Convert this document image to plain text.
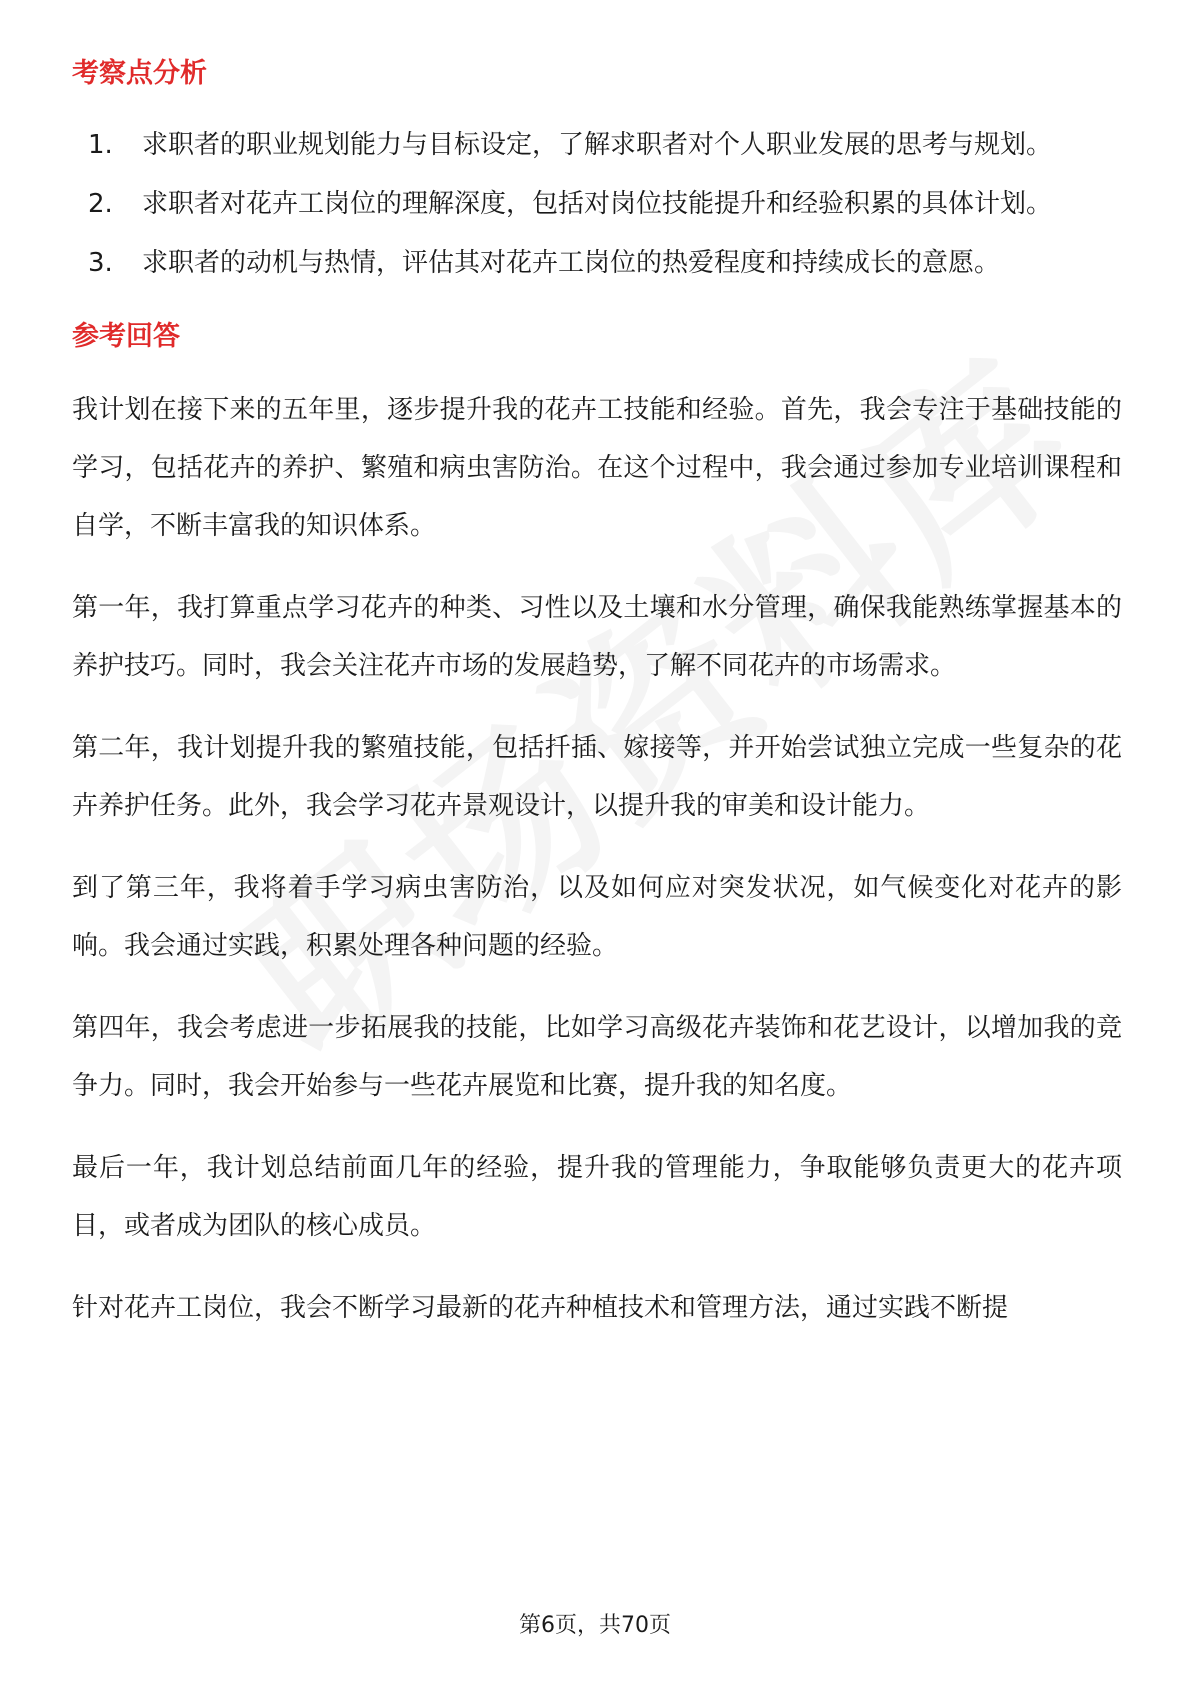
考察点分析
1.	求职者的职业规划能力与目标设定，了解求职者对个人职业发展的思考与规划。
2.	求职者对花卉工岗位的理解深度，包括对岗位技能提升和经验积累的具体计划。
3.	求职者的动机与热情，评估其对花卉工岗位的热爱程度和持续成长的意愿。
参考回答

我计划在接下来的五年里，逐步提升我的花卉工技能和经验。首先，我会专注于基础技能的学习，包括花卉的养护、繁殖和病虫害防治。在这个过程中，我会通过参加专业培训课程和自学，不断丰富我的知识体系。

第一年，我打算重点学习花卉的种类、习性以及土壤和水分管理，确保我能熟练掌握基本的养护技巧。同时，我会关注花卉市场的发展趋势，了解不同花卉的市场需求。

第二年，我计划提升我的繁殖技能，包括扦插、嫁接等，并开始尝试独立完成一些复杂的花卉养护任务。此外，我会学习花卉景观设计，以提升我的审美和设计能力。

到了第三年，我将着手学习病虫害防治，以及如何应对突发状况，如气候变化对花卉的影响。我会通过实践，积累处理各种问题的经验。

第四年，我会考虑进一步拓展我的技能，比如学习高级花卉装饰和花艺设计，以增加我的竞争力。同时，我会开始参与一些花卉展览和比赛，提升我的知名度。

最后一年，我计划总结前面几年的经验，提升我的管理能力，争取能够负责更大的花卉项目，或者成为团队的核心成员。

针对花卉工岗位，我会不断学习最新的花卉种植技术和管理方法，通过实践不断提

第6页，共70页
